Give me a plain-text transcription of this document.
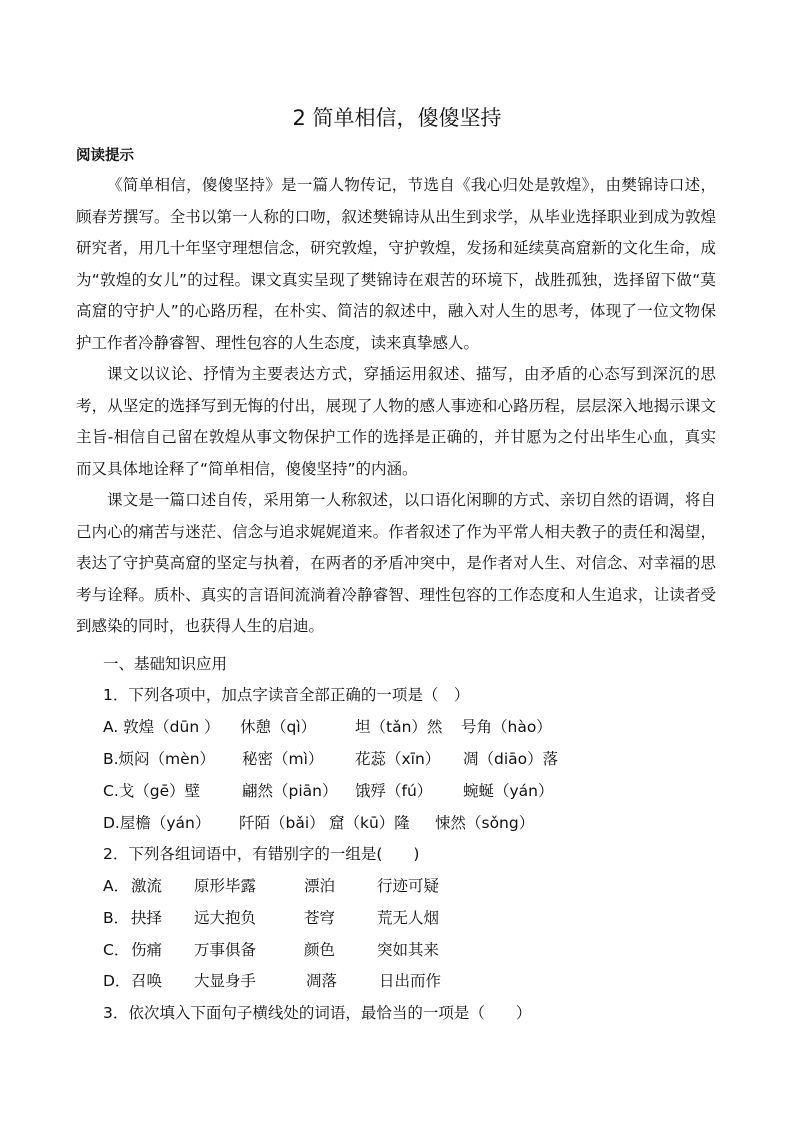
2 简单相信，傻傻坚持
阅读提示

《简单相信，傻傻坚持》是一篇人物传记，节选自《我心归处是敦煌》，由樊锦诗口述，顾春芳撰写。全书以第一人称的口吻，叙述樊锦诗从出生到求学，从毕业选择职业到成为敦煌研究者，用几十年坚守理想信念，研究敦煌，守护敦煌，发扬和延续莫高窟新的文化生命，成为“敦煌的女儿”的过程。课文真实呈现了樊锦诗在艰苦的环境下，战胜孤独，选择留下做“莫高窟的守护人”的心路历程，在朴实、简洁的叙述中，融入对人生的思考，体现了一位文物保护工作者冷静睿智、理性包容的人生态度，读来真挚感人。

课文以议论、抒情为主要表达方式，穿插运用叙述、描写，由矛盾的心态写到深沉的思考，从坚定的选择写到无悔的付出，展现了人物的感人事迹和心路历程，层层深入地揭示课文主旨-相信自己留在敦煌从事文物保护工作的选择是正确的，并甘愿为之付出毕生心血，真实而又具体地诠释了“简单相信，傻傻坚持”的内涵。

课文是一篇口述自传，采用第一人称叙述，以口语化闲聊的方式、亲切自然的语调，将自己内心的痛苦与迷茫、信念与追求娓娓道来。作者叙述了作为平常人相夫教子的责任和渴望，表达了守护莫高窟的坚定与执着，在两者的矛盾冲突中，是作者对人生、对信念、对幸福的思考与诠释。质朴、真实的言语间流淌着冷静睿智、理性包容的工作态度和人生追求，让读者受到感染的同时，也获得人生的启迪。

一、基础知识应用
1．下列各项中，加点字读音全部正确的一项是（　）
A. 敦煌（dūn ） 休憩（qì）	坦（tǎn）然 号角（hào）
B.烦闷（mèn） 秘密（mì） 花蕊（xīn） 凋（diāo）落
C.戈（gē）壁	翩然（piān） 饿殍（fú） 蜿蜒（yán）
D.屋檐（yán） 阡陌（bǎi） 窟（kū）隆 悚然（sǒng）
2．下列各组词语中，有错别字的一组是(　　)
A． 激流 原形毕露	漂泊	行迹可疑
B． 抉择 远大抱负	苍穹	荒无人烟
C． 伤痛 万事俱备	颜色	突如其来
D． 召唤 大显身手	凋落	日出而作
3．依次填入下面句子横线处的词语，最恰当的一项是（　　）
